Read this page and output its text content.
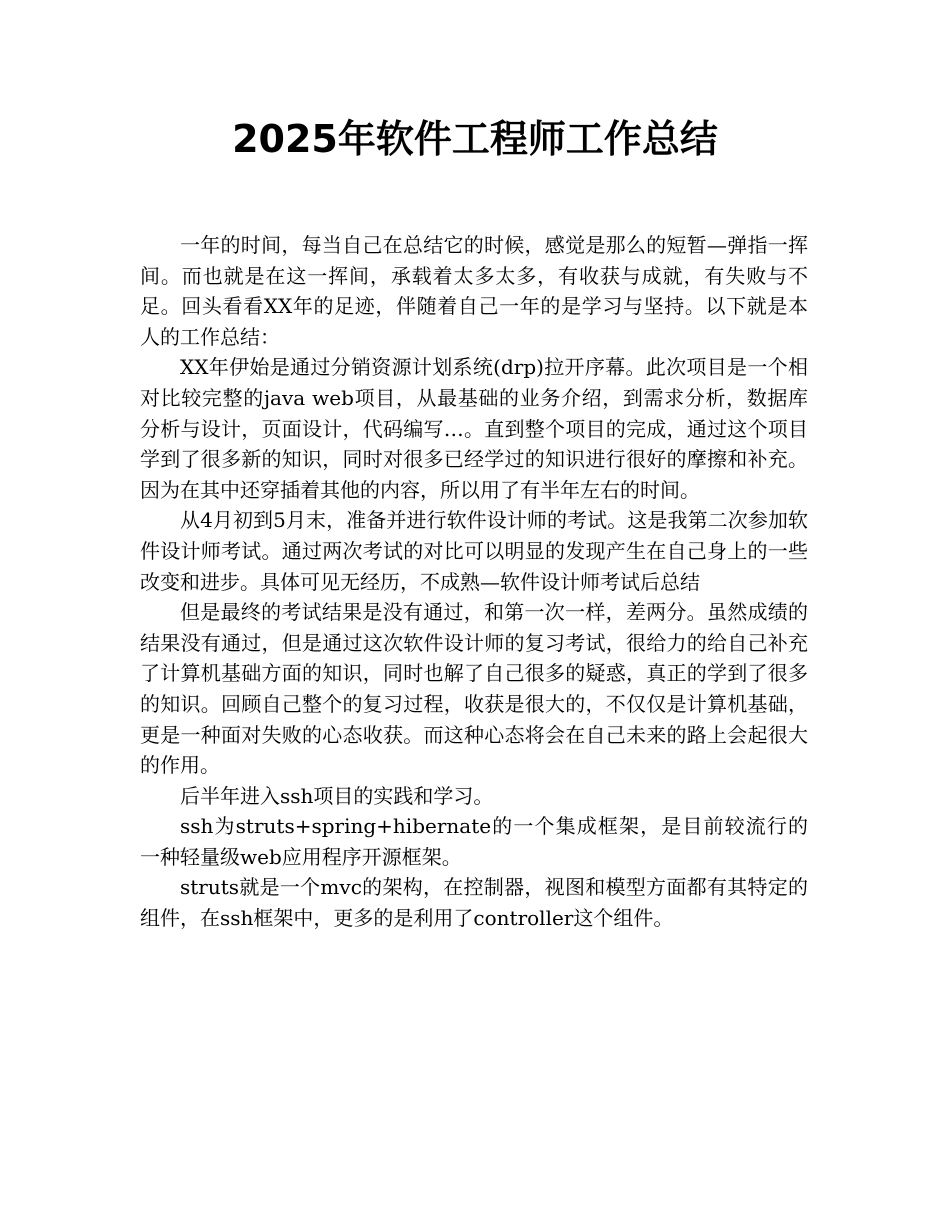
2025年软件工程师工作总结

一年的时间，每当自己在总结它的时候，感觉是那么的短暂—弹指一挥间。而也就是在这一挥间，承载着太多太多，有收获与成就，有失败与不足。回头看看XX年的足迹，伴随着自己一年的是学习与坚持。以下就是本人的工作总结：

XX年伊始是通过分销资源计划系统(drp)拉开序幕。此次项目是一个相对比较完整的java web项目，从最基础的业务介绍，到需求分析，数据库分析与设计，页面设计，代码编写…。直到整个项目的完成，通过这个项目学到了很多新的知识，同时对很多已经学过的知识进行很好的摩擦和补充。因为在其中还穿插着其他的内容，所以用了有半年左右的时间。

从4月初到5月末，准备并进行软件设计师的考试。这是我第二次参加软件设计师考试。通过两次考试的对比可以明显的发现产生在自己身上的一些改变和进步。具体可见无经历，不成熟—软件设计师考试后总结

但是最终的考试结果是没有通过，和第一次一样，差两分。虽然成绩的结果没有通过，但是通过这次软件设计师的复习考试，很给力的给自己补充了计算机基础方面的知识，同时也解了自己很多的疑惑，真正的学到了很多的知识。回顾自己整个的复习过程，收获是很大的，不仅仅是计算机基础，更是一种面对失败的心态收获。而这种心态将会在自己未来的路上会起很大的作用。

后半年进入ssh项目的实践和学习。

ssh为struts+spring+hibernate的一个集成框架，是目前较流行的一种轻量级web应用程序开源框架。

struts就是一个mvc的架构，在控制器，视图和模型方面都有其特定的组件，在ssh框架中，更多的是利用了controller这个组件。
